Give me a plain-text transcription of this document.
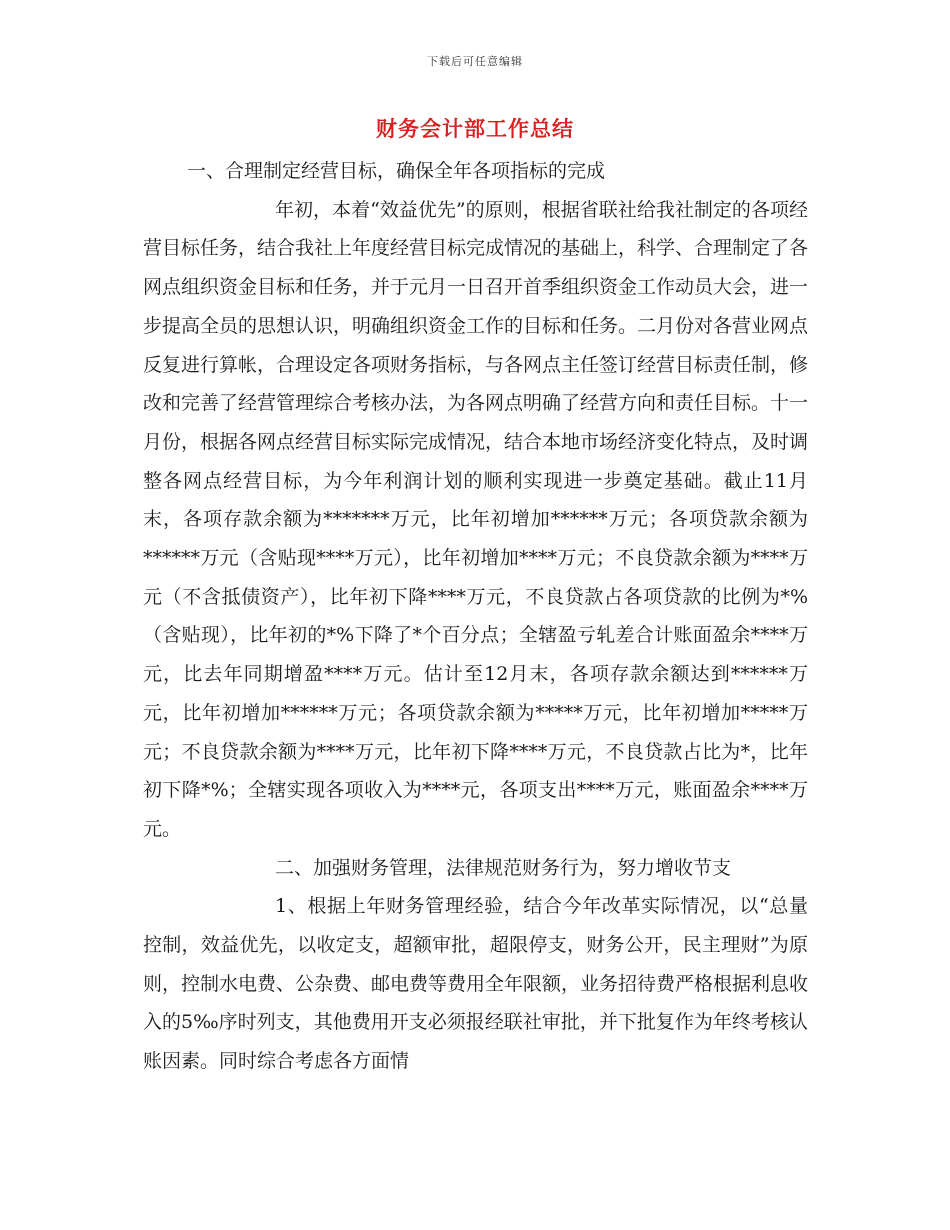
下载后可任意编辑
财务会计部工作总结
一、合理制定经营目标，确保全年各项指标的完成

年初，本着“效益优先”的原则，根据省联社给我社制定的各项经营目标任务，结合我社上年度经营目标完成情况的基础上，科学、合理制定了各网点组织资金目标和任务，并于元月一日召开首季组织资金工作动员大会，进一步提高全员的思想认识，明确组织资金工作的目标和任务。二月份对各营业网点反复进行算帐，合理设定各项财务指标，与各网点主任签订经营目标责任制，修改和完善了经营管理综合考核办法，为各网点明确了经营方向和责任目标。十一月份，根据各网点经营目标实际完成情况，结合本地市场经济变化特点，及时调整各网点经营目标，为今年利润计划的顺利实现进一步奠定基础。截止11月末，各项存款余额为*******万元，比年初增加******万元；各项贷款余额为******万元（含贴现****万元），比年初增加****万元；不良贷款余额为****万元（不含抵债资产），比年初下降****万元，不良贷款占各项贷款的比例为*%（含贴现），比年初的*%下降了*个百分点；全辖盈亏轧差合计账面盈余****万元，比去年同期增盈****万元。估计至12月末，各项存款余额达到******万元，比年初增加******万元；各项贷款余额为*****万元，比年初增加*****万元；不良贷款余额为****万元，比年初下降****万元，不良贷款占比为*，比年初下降*%；全辖实现各项收入为****元，各项支出****万元，账面盈余****万元。

二、加强财务管理，法律规范财务行为，努力增收节支

1、根据上年财务管理经验，结合今年改革实际情况，以“总量控制，效益优先，以收定支，超额审批，超限停支，财务公开，民主理财”为原则，控制水电费、公杂费、邮电费等费用全年限额，业务招待费严格根据利息收入的5‰序时列支，其他费用开支必须报经联社审批，并下批复作为年终考核认账因素。同时综合考虑各方面情
